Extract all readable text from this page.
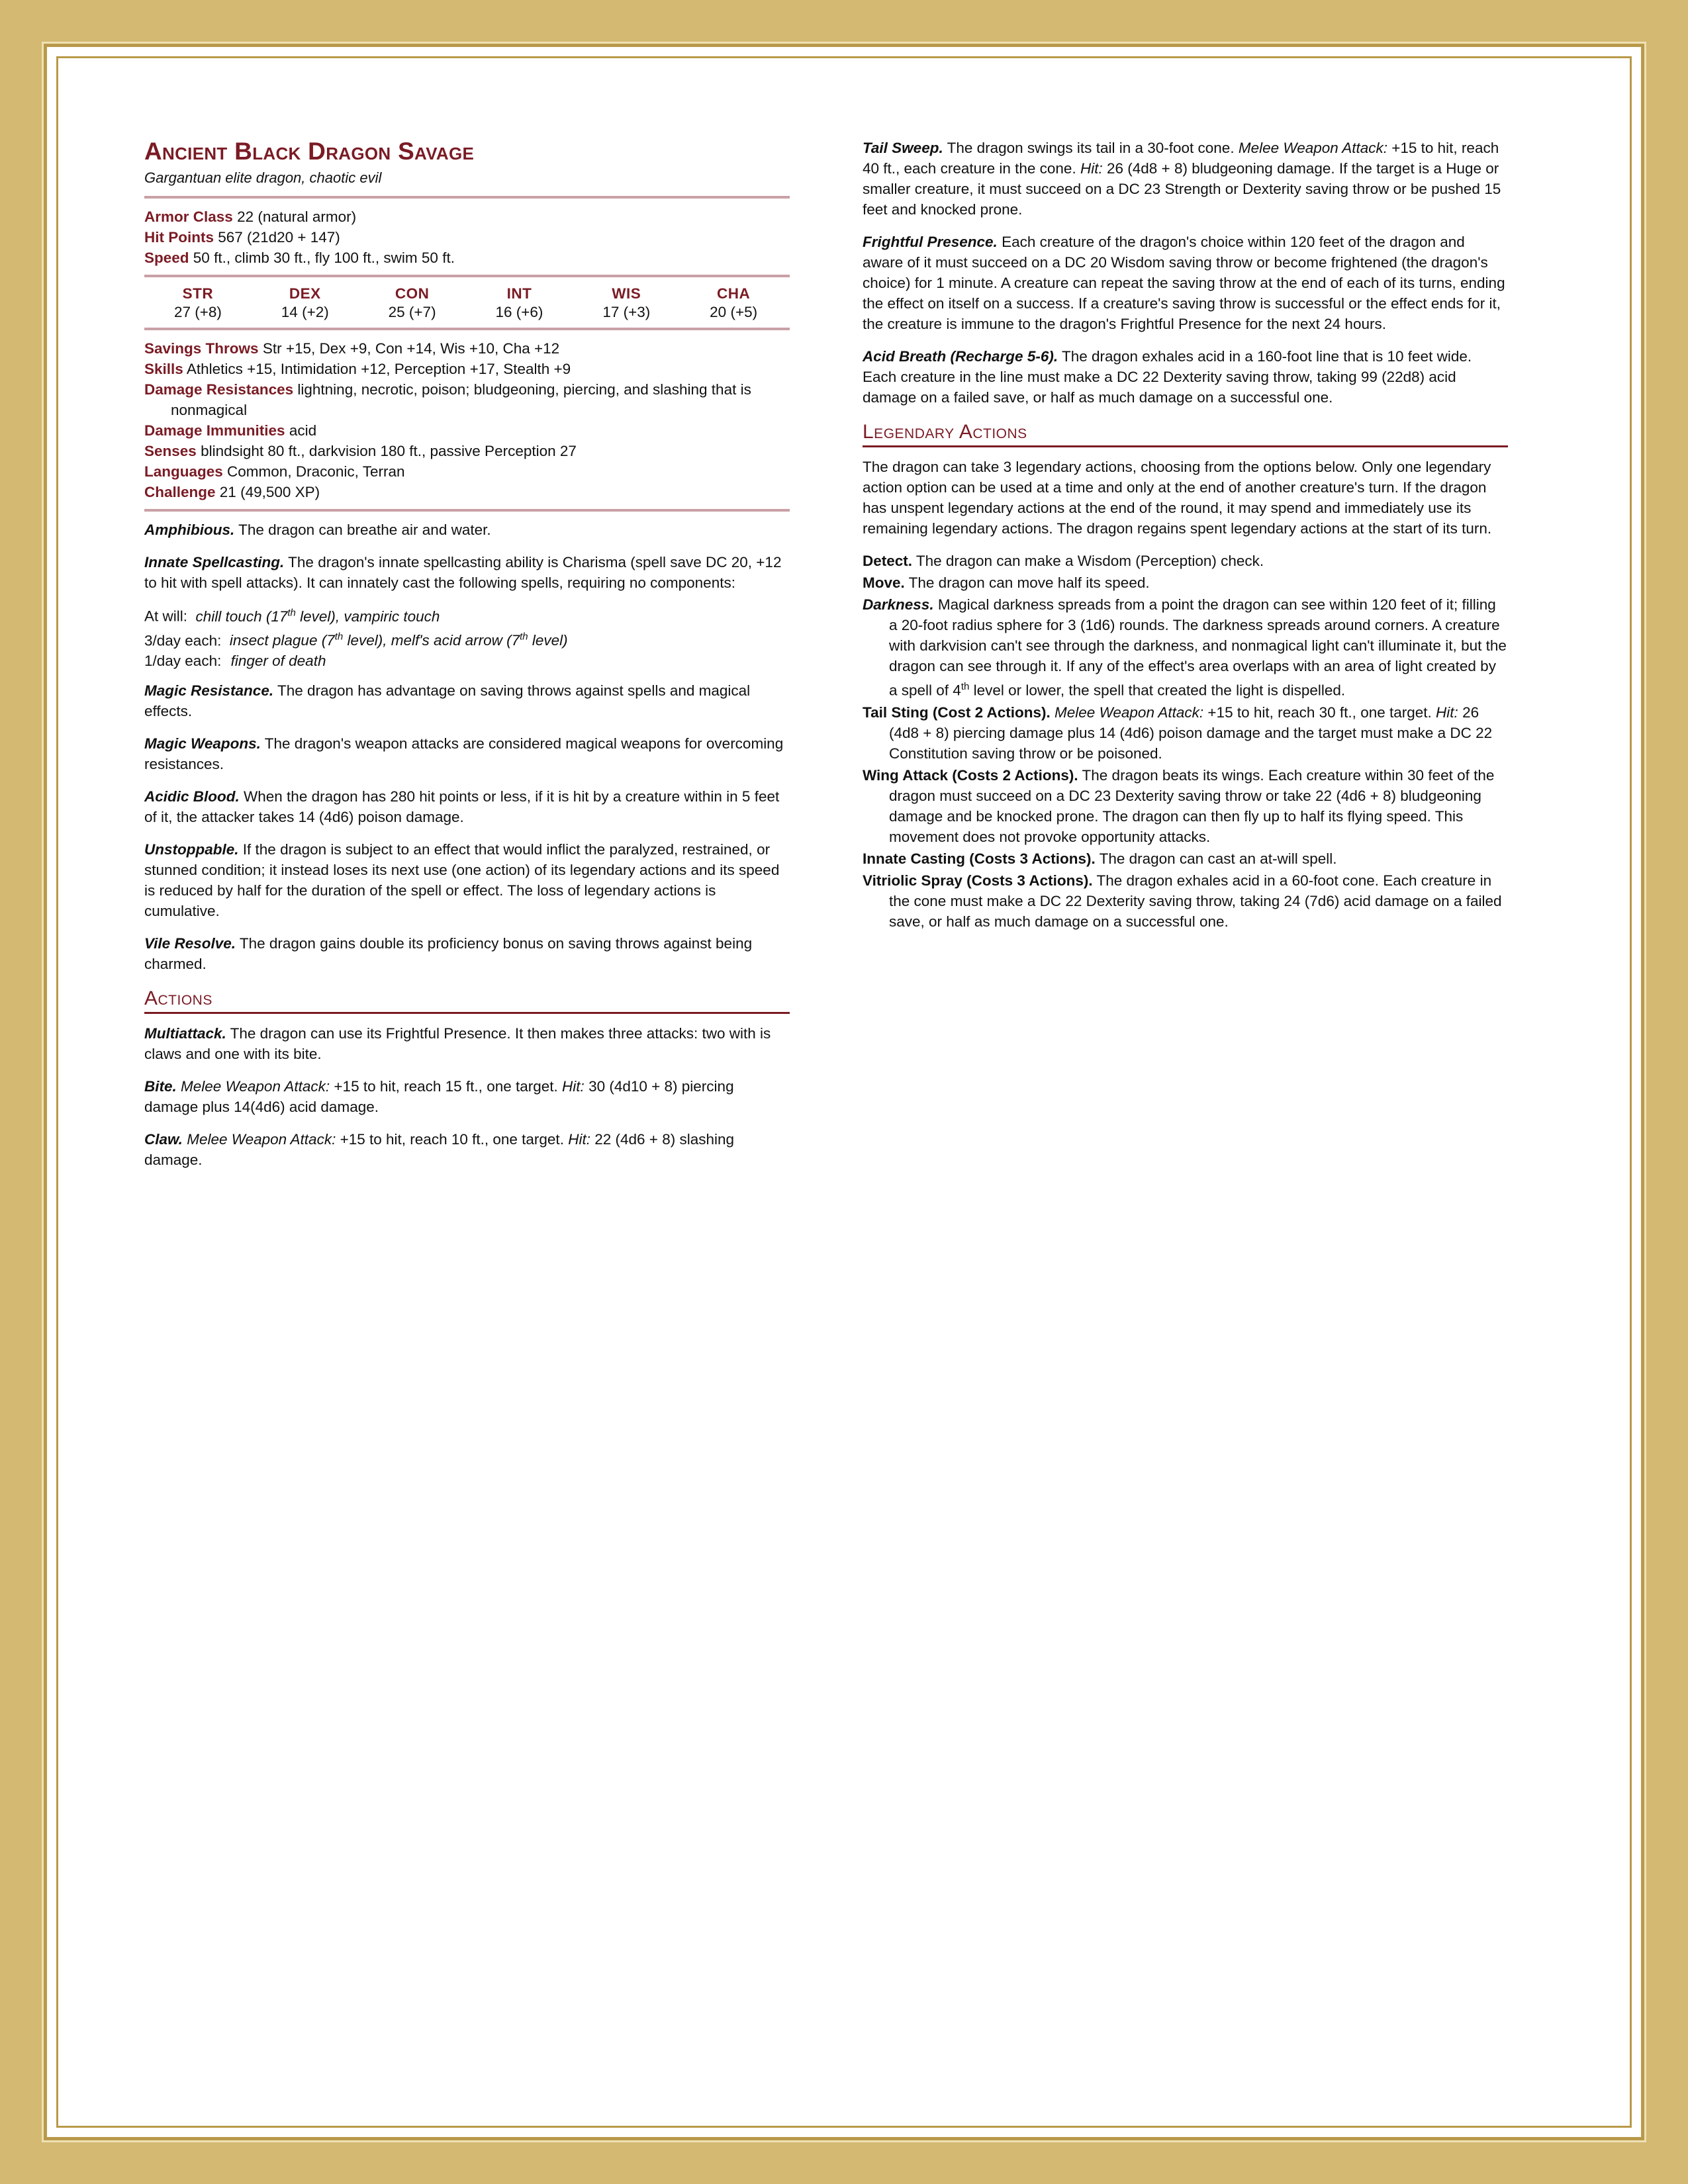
Ancient Black Dragon Savage
Gargantuan elite dragon, chaotic evil
Armor Class 22 (natural armor)
Hit Points 567 (21d20 + 147)
Speed 50 ft., climb 30 ft., fly 100 ft., swim 50 ft.
STR	DEX	CON	INT	WIS	CHA
27 (+8)	14 (+2)	25 (+7)	16 (+6)	17 (+3)	20 (+5)
Savings Throws Str +15, Dex +9, Con +14, Wis +10, Cha +12
Skills Athletics +15, Intimidation +12, Perception +17, Stealth +9
Damage Resistances lightning, necrotic, poison; bludgeoning, piercing, and slashing that is nonmagical
Damage Immunities acid
Senses blindsight 80 ft., darkvision 180 ft., passive Perception 27
Languages Common, Draconic, Terran
Challenge 21 (49,500 XP)

Amphibious. The dragon can breathe air and water.

Innate Spellcasting. The dragon's innate spellcasting ability is Charisma (spell save DC 20, +12 to hit with spell attacks). It can innately cast the following spells, requiring no components:

At will:  chill touch (17th level), vampiric touch
3/day each:  insect plague (7th level), melf's acid arrow (7th level)
1/day each: finger of death

Magic Resistance. The dragon has advantage on saving throws against spells and magical effects.

Magic Weapons. The dragon's weapon attacks are considered magical weapons for overcoming resistances.

Acidic Blood. When the dragon has 280 hit points or less, if it is hit by a creature within in 5 feet of it, the attacker takes 14 (4d6) poison damage.

Unstoppable. If the dragon is subject to an effect that would inflict the paralyzed, restrained, or stunned condition; it instead loses its next use (one action) of its legendary actions and its speed is reduced by half for the duration of the spell or effect. The loss of legendary actions is cumulative.

Vile Resolve. The dragon gains double its proficiency bonus on saving throws against being charmed.

Actions

Multiattack. The dragon can use its Frightful Presence. It then makes three attacks: two with is claws and one with its bite.

Bite. Melee Weapon Attack: +15 to hit, reach 15 ft., one target. Hit: 30 (4d10 + 8) piercing damage plus 14(4d6) acid damage.

Claw. Melee Weapon Attack: +15 to hit, reach 10 ft., one target. Hit: 22 (4d6 + 8) slashing damage.

Tail Sweep. The dragon swings its tail in a 30-foot cone. Melee Weapon Attack: +15 to hit, reach 40 ft., each creature in the cone. Hit: 26 (4d8 + 8) bludgeoning damage. If the target is a Huge or smaller creature, it must succeed on a DC 23 Strength or Dexterity saving throw or be pushed 15 feet and knocked prone.

Frightful Presence. Each creature of the dragon's choice within 120 feet of the dragon and aware of it must succeed on a DC 20 Wisdom saving throw or become frightened (the dragon's choice) for 1 minute. A creature can repeat the saving throw at the end of each of its turns, ending the effect on itself on a success. If a creature's saving throw is successful or the effect ends for it, the creature is immune to the dragon's Frightful Presence for the next 24 hours.

Acid Breath (Recharge 5-6). The dragon exhales acid in a 160-foot line that is 10 feet wide. Each creature in the line must make a DC 22 Dexterity saving throw, taking 99 (22d8) acid damage on a failed save, or half as much damage on a successful one.

Legendary Actions

The dragon can take 3 legendary actions, choosing from the options below. Only one legendary action option can be used at a time and only at the end of another creature's turn. If the dragon has unspent legendary actions at the end of the round, it may spend and immediately use its remaining legendary actions. The dragon regains spent legendary actions at the start of its turn.

Detect. The dragon can make a Wisdom (Perception) check.

Move. The dragon can move half its speed.

Darkness. Magical darkness spreads from a point the dragon can see within 120 feet of it; filling a 20-foot radius sphere for 3 (1d6) rounds. The darkness spreads around corners. A creature with darkvision can't see through the darkness, and nonmagical light can't illuminate it, but the dragon can see through it. If any of the effect's area overlaps with an area of light created by a spell of 4th level or lower, the spell that created the light is dispelled.

Tail Sting (Cost 2 Actions). Melee Weapon Attack: +15 to hit, reach 30 ft., one target. Hit: 26 (4d8 + 8) piercing damage plus 14 (4d6) poison damage and the target must make a DC 22 Constitution saving throw or be poisoned.

Wing Attack (Costs 2 Actions). The dragon beats its wings. Each creature within 30 feet of the dragon must succeed on a DC 23 Dexterity saving throw or take 22 (4d6 + 8) bludgeoning damage and be knocked prone. The dragon can then fly up to half its flying speed. This movement does not provoke opportunity attacks.

Innate Casting (Costs 3 Actions). The dragon can cast an at-will spell.

Vitriolic Spray (Costs 3 Actions). The dragon exhales acid in a 60-foot cone. Each creature in the cone must make a DC 22 Dexterity saving throw, taking 24 (7d6) acid damage on a failed save, or half as much damage on a successful one.
